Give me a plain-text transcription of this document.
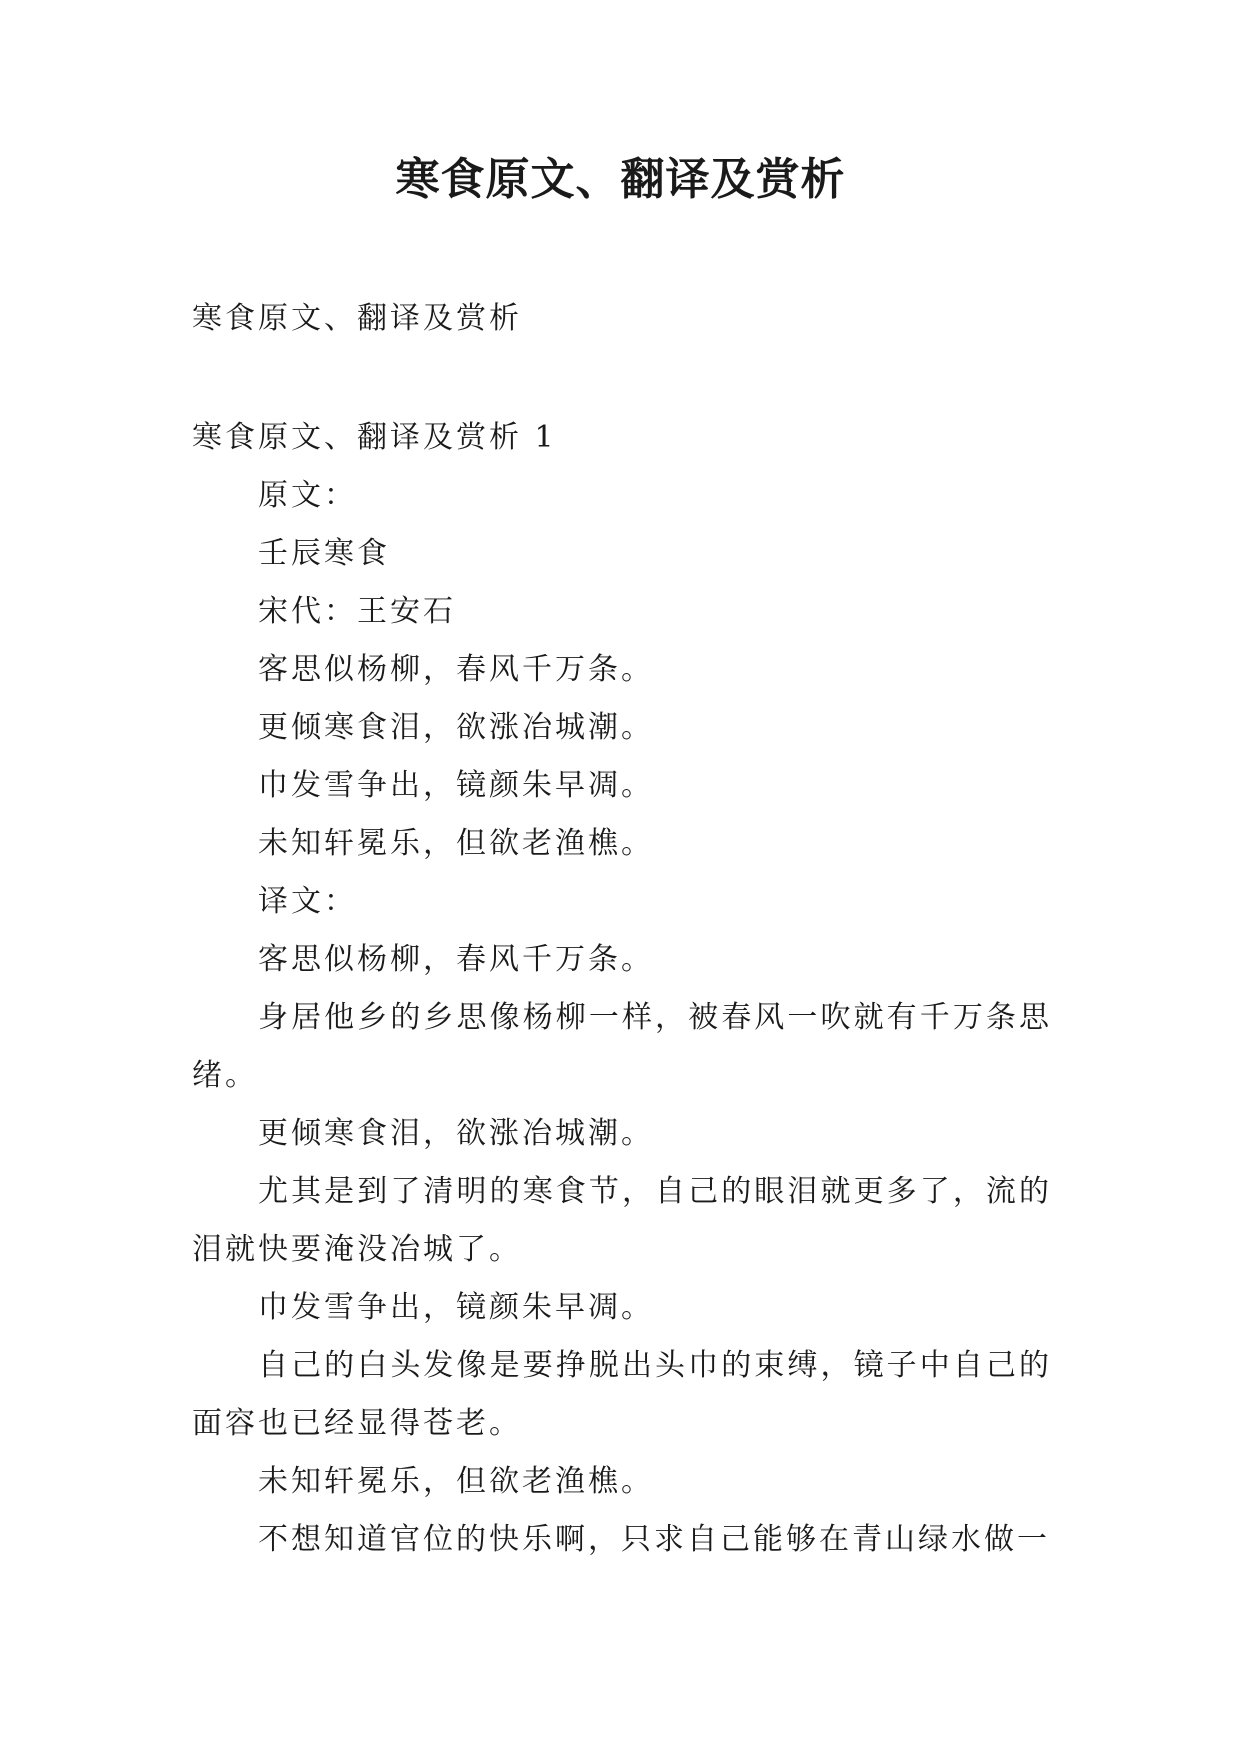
寒食原文、翻译及赏析
寒食原文、翻译及赏析
寒食原文、翻译及赏析 1
原文：
壬辰寒食
宋代：王安石
客思似杨柳，春风千万条。
更倾寒食泪，欲涨冶城潮。
巾发雪争出，镜颜朱早凋。
未知轩冕乐，但欲老渔樵。
译文：
客思似杨柳，春风千万条。
身居他乡的乡思像杨柳一样，被春风一吹就有千万条思绪。
更倾寒食泪，欲涨冶城潮。
尤其是到了清明的寒食节，自己的眼泪就更多了，流的泪就快要淹没冶城了。
巾发雪争出，镜颜朱早凋。
自己的白头发像是要挣脱出头巾的束缚，镜子中自己的面容也已经显得苍老。
未知轩冕乐，但欲老渔樵。
不想知道官位的快乐啊，只求自己能够在青山绿水做一
